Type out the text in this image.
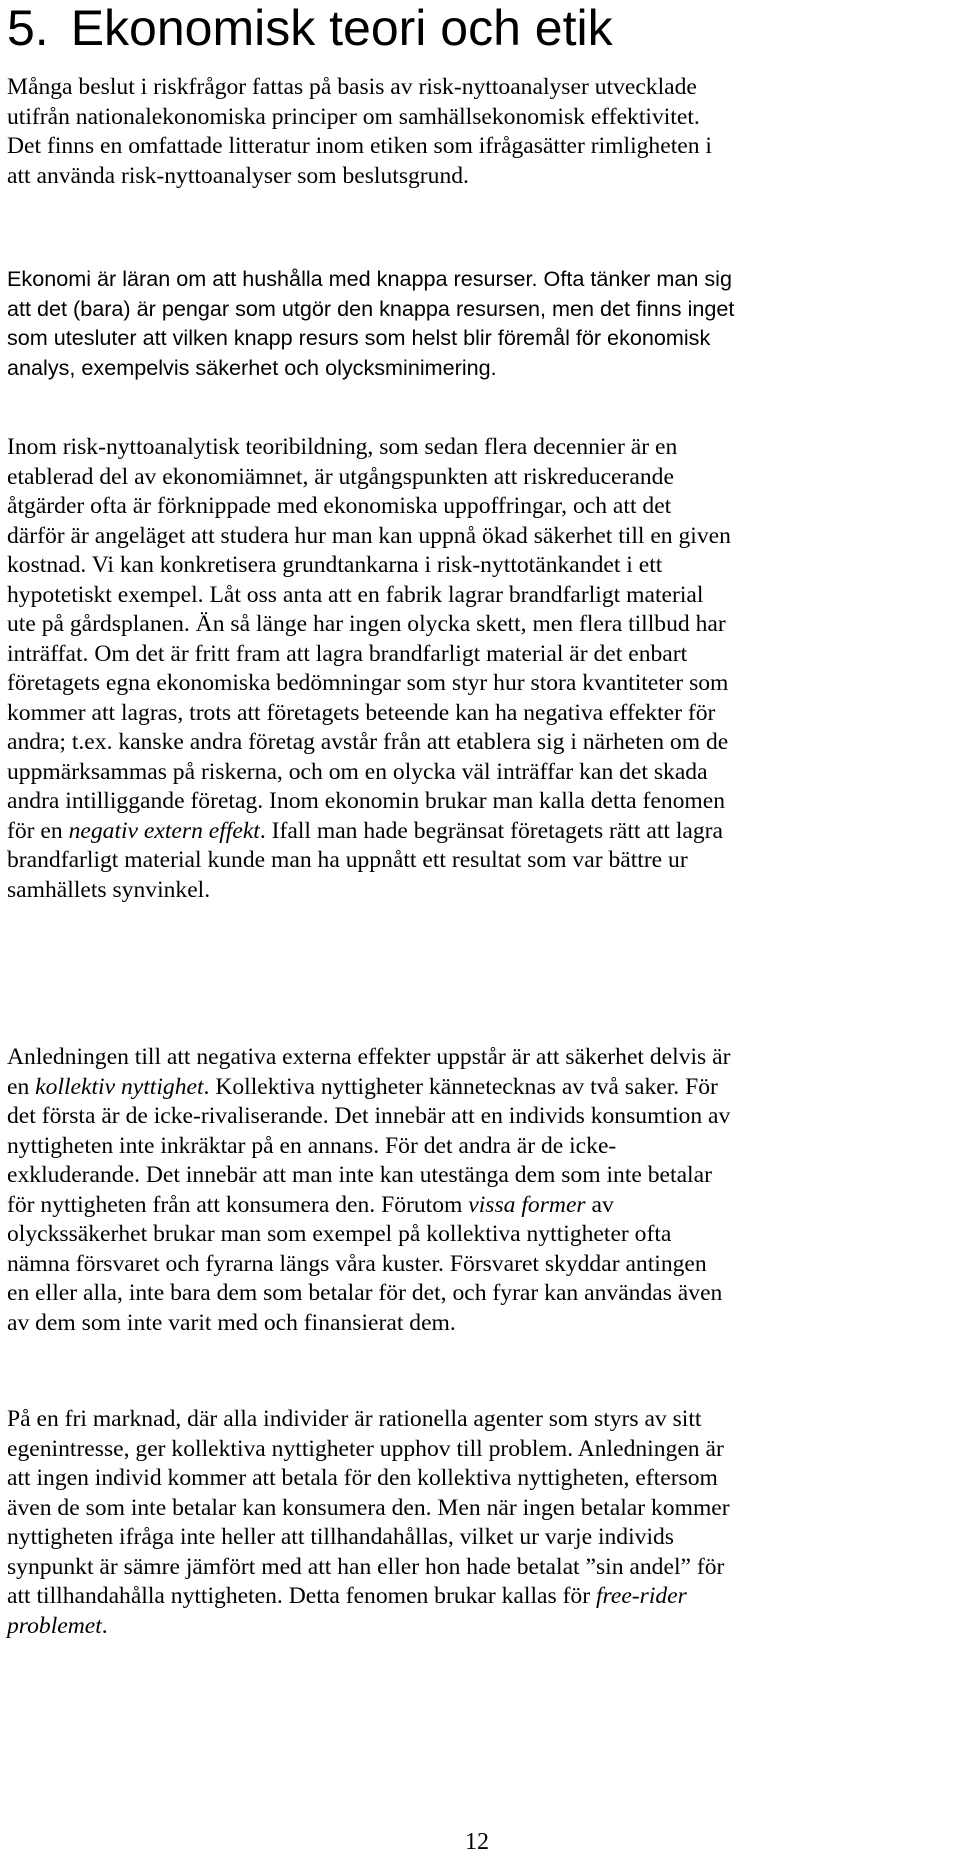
5. Ekonomisk teori och etik

Många beslut i riskfrågor fattas på basis av risk-nyttoanalyser utvecklade
utifrån nationalekonomiska principer om samhällsekonomisk effektivitet.
Det finns en omfattade litteratur inom etiken som ifrågasätter rimligheten i
att använda risk-nyttoanalyser som beslutsgrund.

Ekonomi är läran om att hushålla med knappa resurser. Ofta tänker man sig
att det (bara) är pengar som utgör den knappa resursen, men det finns inget
som utesluter att vilken knapp resurs som helst blir föremål för ekonomisk
analys, exempelvis säkerhet och olycksminimering.

Inom risk-nyttoanalytisk teoribildning, som sedan flera decennier är en
etablerad del av ekonomiämnet, är utgångspunkten att riskreducerande
åtgärder ofta är förknippade med ekonomiska uppoffringar, och att det
därför är angeläget att studera hur man kan uppnå ökad säkerhet till en given
kostnad. Vi kan konkretisera grundtankarna i risk-nyttotänkandet i ett
hypotetiskt exempel. Låt oss anta att en fabrik lagrar brandfarligt material
ute på gårdsplanen. Än så länge har ingen olycka skett, men flera tillbud har
inträffat. Om det är fritt fram att lagra brandfarligt material är det enbart
företagets egna ekonomiska bedömningar som styr hur stora kvantiteter som
kommer att lagras, trots att företagets beteende kan ha negativa effekter för
andra; t.ex. kanske andra företag avstår från att etablera sig i närheten om de
uppmärksammas på riskerna, och om en olycka väl inträffar kan det skada
andra intilliggande företag. Inom ekonomin brukar man kalla detta fenomen
för en negativ extern effekt. Ifall man hade begränsat företagets rätt att lagra
brandfarligt material kunde man ha uppnått ett resultat som var bättre ur
samhällets synvinkel.

Anledningen till att negativa externa effekter uppstår är att säkerhet delvis är
en kollektiv nyttighet. Kollektiva nyttigheter kännetecknas av två saker. För
det första är de icke-rivaliserande. Det innebär att en individs konsumtion av
nyttigheten inte inkräktar på en annans. För det andra är de icke-
exkluderande. Det innebär att man inte kan utestänga dem som inte betalar
för nyttigheten från att konsumera den. Förutom vissa former av
olyckssäkerhet brukar man som exempel på kollektiva nyttigheter ofta
nämna försvaret och fyrarna längs våra kuster. Försvaret skyddar antingen
en eller alla, inte bara dem som betalar för det, och fyrar kan användas även
av dem som inte varit med och finansierat dem.

På en fri marknad, där alla individer är rationella agenter som styrs av sitt
egenintresse, ger kollektiva nyttigheter upphov till problem. Anledningen är
att ingen individ kommer att betala för den kollektiva nyttigheten, eftersom
även de som inte betalar kan konsumera den. Men när ingen betalar kommer
nyttigheten ifråga inte heller att tillhandahållas, vilket ur varje individs
synpunkt är sämre jämfört med att han eller hon hade betalat ”sin andel” för
att tillhandahålla nyttigheten. Detta fenomen brukar kallas för free-rider
problemet.

12
